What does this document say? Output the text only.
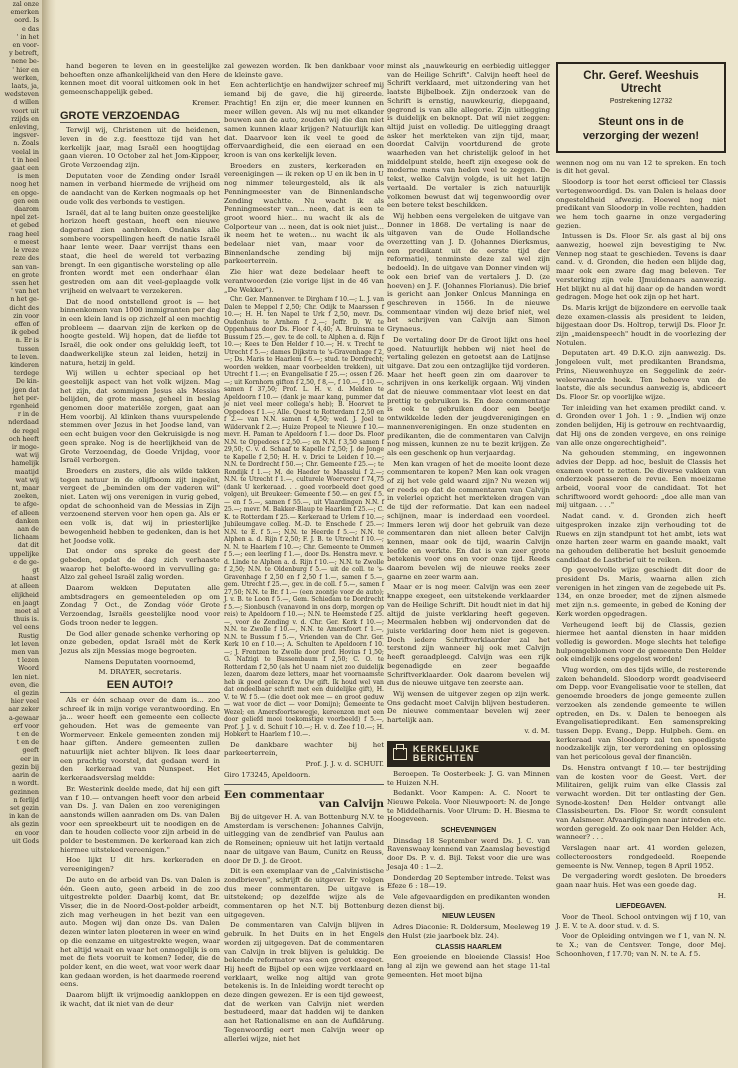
zal onze

emerken

oord. Is

e das

' in het

en voor-

y betreft,

nene be-

' hier en

werken,

laats, ja,

wedsteven

d willen

voort uit

rzijds en

enleving,

ingsver-

n. Zoals

veelal in

t in heel

gaat een

is men

noog het

en opge-

gen een

daarom

npel zet-

et gebed

raag heel

e meest

le vreze

reze des

san van-

en grote

ssen het

' van het

n het ge-

dicht des

zin voor

effen of

ik gebed

n. Er is

tussen

te leven.

kinderen

terdege

De kin-

jgen dat

het per-

rgenheid

r in de

nderdaad

de regel

och heeft

ir moge-

wat wij

hamelijk

maatijd

wat wij

nt, maar

zoeken,

te afge-

ef alleen

danken

aan de

lichaam

dat dit

uppelijke

e de ge-

gt

haast

at alleen

elijkheid

en jaagt

moet al

thuis is.

vel eens

Rustig

let leven

men van

t lezen

Woord

len niet.

even, die

el gezin

hier veel

aar zeker

a-gewaar

erf voor

t en de

t en de

geeft

eer in

gezin bij

aarin de

n wordt.

gezinnen

n ferlijd

set gezin

in kan de

als gezin

en voor

uit Gods

hand begeren te leven en in geestelijke behoeften onze afhankelijkheid van den Here kennen moet dit vooral uitkomen ook in het gemeenschappelijk gebed.

Kremer.

GROTE VERZOENDAG

Terwijl wij, Christenen uit de heidenen, leven in de z.g. feesttoze tijd van het kerkelijk jaar, mag Israël een hoogtijdag gaan vieren. 10 October zal het Jom-Kippoer, Grote Verzoendag zijn.

Deputaten voor de Zending onder Israël namen in verband hiermede de vrijheid om de aandacht van de Kerken nogmaals op het oude volk des verbonds te vestigen.

Israël, dat al te lang buiten onze geestelijke horizon heeft gestaan, heeft een nieuwe dageraad zien aanbreken. Ondanks alle sombere voorspellingen heeft de natie Israël haar lente weer. Daar verrijst thans een staat, die heel de wereld tot verbazing brengt. In een gigantische worsteling op alle fronten wordt met een onderhaar élan gestreden om aan dit veel-geplaagde volk vrijheid en welvaart te verzekeren.

Dat de nood ontstellend groot is — het binnenkomen van 1000 immigranten per dag in een klein land is op zichzelf al een machtig probleem — daarvan zijn de kerken op de hoogte gesteld. Wij hopen, dat de liefde tot Israël, die ook onder ons gelukkig leeft, tot daadwerkelijke steun zal leiden, hetzij in natura, hetzij in geld.

Wij willen u echter speciaal op het geestelijk aspect van het volk wijzen. Mag het zijn, dat sommigen Jesus als Messias belijden, de grote massa, geheel in beslag genomen door materiële zorgen, gaat aan Hem voorbij. Al klinken thans vuurspelende stemmen over Jezus in het Joodse land, van een echt buigen voor den Gekruisigde is nog geen sprake. Nog is de heerlijkheid van de Grote Verzoendag, de Goede Vrijdag, voor Israël verborgen.

Broeders en zusters, die als wilde takken tegen natuur in de olijfboom zijt ingeënt, vergeet de „beminden om der vaderen wil" niet. Laten wij ons verenigen in vurig gebed, opdat de schoonheid van de Messias in Zijn verzoenend sterven voor hen open ga. Als er een volk is, dat wij in priesterlijke bewogenheid hebben te gedenken, dan is het het Joodse volk.

Dat onder ons spreke de geest der gebeden, opdat de dag zich verhaaste waarop het belofte-woord in vervulling ga: Alzo zal geheel Israël zalig worden.

Daarom wekken Deputaten alle ambtsdragers en gemeenteleden op om Zondag 7 Oct., de Zondag vóór Grote Verzoendag, Israëls geestelijke nood voor Gods troon neder te leggen.

De God aller genade schenke verhoring op onze gebeden, opdat Israël mèt de Kerk Jezus als zijn Messias moge begroeten.

Namens Deputaten voornoemd,

M. DRAYER, secretaris.

EEN AUTO!?

Als er één schaap over de dam is... zoo schreef ik in mijn vorige verantwoording. En ja... weer heeft een gemeente een collecte gehouden. Het was de gemeente van Wormerveer. Enkele gemeenten zonden mij haar giften. Andere gemeenten zullen natuurlijk niet achter blijven. Ik lees daar een prachtig voorstel, dat gedaan werd in den kerkeraad van Nunspeet. Het kerkeraadsverslag meldde:

Br. Westerink deelde mede, dat hij een gift van f 10.— ontvangen heeft voor den arbeid van Ds. J. van Dalen en zoo verenigingen aanstonds willen aanraden om Ds. van Dalen voor een spreekbeurt uit te noodigen en de dan te houden collecte voor zijn arbeid in de polder te bestemmen. De kerkeraad kan zich hiermee uitsteked vereenigen."

Hoe lijkt U dit hrs. kerkeraden en vereenigingen?

De auto en de arbeid van Ds. van Dalen is één. Geen auto, geen arbeid in de zoo uitgestrekte polder. Daarbij komt, dat Br. Visser, die in de Noord-Oost-polder arbeidt, zich mag verheugen in het bezit van een auto. Mogen wij dan onze Ds. van Dalen dezen winter laten ploeteren in weer en wind op die eenzame en uitgestrekte wegen, waar het altijd waait en waar het onmogelijk is om met de fiets vooruit te komen? Ieder, die de polder kent, en die weet, wat voor werk daar kan gedaan worden, is het daarmede roerend eens.

Daarom blijft ik vrijmoedig aankloppen en ik wacht, dat ik niet van de deur

zal gewezen worden. Ik ben dankbaar voor de kleinste gave.

Een achterlichtje en handwijzer schreef mij iemand bij de gave, die hij gireerde. Prachtig! En zijn er, die meer kunnen en meer willen geven. Als wij nu met elkander bouwen aan de auto, zouden wij die dan niet samen kunnen klaar krijgen? Natuurlijk kan dat. Daarvoor ken ik veel te goed de offervaardigheid, die een eieraad en een kroon is van ons kerkelijk leven.

Broeders en zusters, kerkeraden en vereenigingen — ik reken op U en ik ben in U nog nimmer teleurgesteld, als ik als Penningmeester van de Binnenlandsche Zending wachtte. Nu wacht ik als Penningmeester van... neen, dat is een te groot woord hier... nu wacht ik als de Colporteur van ... neen, dat is ook niet juist... ik neem het te weten... nu wacht ik als bedelaar niet van, maar voor de Binnenlandsche zending bij mijn parkeerterrein.

Zie hier wat deze bedelaar heeft te verantwoorden (zie vorige lijst in de 46 van „De Wekker").

Chr. Ger. Mannenver. te Dirgham f 10.—; L. J. van Dalen te Meppel f 2,50; Chr. Odijk te Maarssen f 10.—; H. H. ten Napel te Urk f 2,50, mevr. Ds. Oudenhuis te Arnhem f 2,—; Jeffr. D. W. te Oppenhaus door Ds. Floor f 4,40; A. Bruinsma te Bussum f 25.—, gev. te de coll. te Alphen a. d. Rijn f 10.—; Kees te Den Helder f 10.—; H. v. Trecht te Utrecht f 5.—; dames Dijkstra te 's-Gravenhage f 2,—; Ds. Maris te Haarlem f 6.—; stud. te Dordrecht; woorden wekken, maar voorbeelden trekken), uit Utrecht f 1.—; en Evangelisatie f 25.—; ossen f 26.—; uit Kornhorn gifton f 2,50, f 8,—, f 10.—, f 10.—, samen f 37,50; Prof. L. H. v. d. Melden te Apeldoorn f 10.— (dank je maar kang, pummer dat je niet veel meer collega's heb); B. Hoorvet te Oppedoes f 1.—; Alle. Quest te Rotterdam f 2,50 en f 2.— van N.N. samen f 4,50; wed. J. Joel te Wildervank f 2.—; Huize Propeel te Nieuwe f 10.— mevr. H. Paman te Apeldoorn f 1.— door Ds. Floor N.N. te Oppedoes f 2,50.—; en N.N. f 3,50 samen f 29,50; C. v. d. Schaaf te Kapelle f 2,50; J. de Jonge te Kapelle f 2,50; H. H. v. Drici te Leiden f 10.—; N.N. te Dordrecht f 50.—; Chr. Gemeente f 25.—; te Rondijk f 1.—; M. de Haeder te Maasslui f 2.—; N.N. te Utrecht f 1.—, culturele Woervorer f 74,75 (dank U kerkeraad. . . goed voorbeeld doet goed volgen), uit Breukeer: Gemeente f 50.— en gev. f 5.— en f 5.—, samen f 55.—, uit Vlaardingen N.N. f 25.—; mevr. M. Bakker-Blaup te Haarlem f 25.—; C. K. te Rotterdam f 25.— Kerkeraad te Urlem f 10.—; Jubileumgave colleg. M.-D. te Enschede f 25.—; N.N. te E. f 5.—; N.N. te Heerde f 5.—; N.N. te Alphen a. d. Rijn f 2,50; F. J. B. te Utrecht f 10.—; N. N. te Haarlem f 10.—; Chr. Gemeente te Ommen f 5.—; een leerling f 1.—, door Ds. Henstra mevr. v. d. Linde te Alphen a. d. Rijn f 10.—; N.N. te Zwolle f 2,50; N.N. te Oldenburg f 5.— uit de coll. te 's-Gravenhage f 2,50 en f 2,50 f 1.—, samen f 5.—, gem. Utrecht f 25.—, gev. in de coll. f 5.—, samen f 27,50; N.N. te Br. f 1.— (een zoontje voor de auto); J. v. B. te Loon f 5.—, Gem. Schiedam te Dordrecht f 5.—; Sionbusch (vanavond in ons dorp, morgen op reis) te Apeldoorn f 10.—; N.N. te Heemstede f 25.—, voor de Zending v. d. Chr. Ger. Kerk f 10.—; N.N. te Zwolle f 10.—, N.N. te Amersfoort f 1.—, N.N. te Bussum f 5.—, Vrienden van de Chr. Ger. Kerk 10 en f 10.—; A. Schulten te Apeldoorn f 10.—; J. Frentzen te Zwolle door prof. Hovius f 1,50; G. Nafzigi te Bussembaum f 2,50; C. O. te Rotterdam f 2,50 (als het U naam niet zoo duidelijk lezen, daarom deze letters, maar het voornaamste heb ik goed gelezen f.w. Uw gift. Ik houd wel van dat ondeelbaar schrift met een duidelijke gift), H. V. te W. f 5.— (die doet ook mee — en groot geduw — wat voor de dict — voor Domijn); Gemeente te Wezel; en Amersfoortsewegje, kereenzon met een door geliefd mooi toekomstige voorbeeld) f 5.—, Prof. J. J. v. d. Schuit f 10.—; H. v. d. Zee f 10.—; H. Hobkert te Haarlem f 10.—.

De dankbare wachter bij het parkeerterrein,

Prof. J. J. v. d. SCHUIT.

Giro 173245, Apeldoorn.

Een commentaar
van Calvijn

Bij de uitgever H. A. van Bottenburg N.V. te Amsterdam is verschenen: Johannes Calvijn, uitlegging van de zendbrief van Paulus aan de Romeinen; opnieuw uit het latijn vertaald naar de uitgave van Baum, Cunitz en Reuss, door Dr D. J. de Groot.

Dit is een exemplaar van de „Calvinistische zondbrieven", schrijft de uitgever. Er volgen dus meer commentaren. De uitgave is uitstekend; op dezelfde wijze als de commentaren op het N.T. bij Bottenburg uitgegeven.

De commentaren van Calvijn blijven in gebruik. In het Duits en in het Engels worden zij uitgegeven. Dat de commentaren van Calvijn in trek blijven is gelukkig. De bekende reformator was een groot exegeet. Hij heeft de Bijbel op een wijze verklaard en verklaart, welke nog altijd van grote betekenis is. In de Inleiding wordt terecht op deze dingen gewezen. Er is een tijd geweest, dat de werken van Calvijn niet werden bestudeerd, maar dat hadden wij te danken aan het Rationalisme en aan de Aufklärung. Tegenwoordig eert men Calvijn weer op allerlei wijze, niet het

minst als „nauwkeurig en eerbiedig uitlegger van de Heilige Schrift". Calvijn heeft heel de Schrift verklaard, met uitzondering van het laatste Bijbelboek. Zijn onderzoek van de Schrift is ernstig, nauwkeurig, diepgaand, gegrond is van alle allegorie. Zijn uitlegging is duidelijk en beknopt. Dat wil niet zeggen: altijd juist en volledig. De uitlegging draagt asker het merkteken van zijn tijd, maar, doordat Calvijn voortdurend de grote waarheden van het christelijk geloof in het middelpunt stelde, heeft zijn exegese ook de moderne mens van heden veel te zeggen. De tekst, welke Calvijn volgde, is uit het latijn vertaald. De vertaler is zich natuurlijk volkomen bewust dat wij tegenwoordig over een betere tekst beschikken.

Wij hebben eens vergeleken de uitgave van Donner in 1868. De vertaling is naar de uitgaven van de Oude Hollandsche overzetting van J. D. (Johannes Dierksmus, een predikant uit de eerste tijd der reformatie), tenminste deze zal wel zijn bedoeld). In de uitgave van Donner vinden wij ook een brief van de vertalers J. D. (ze hoeven) en J. F. (Johannes Florianus). Die brief is gericht aan Jonker Onlcus Manninga en geschreven in 1566. In de nieuwe commentaar vinden wij deze brief niet, wel het schrijven van Calvijn aan Simon Grynaeus.

De vertaling door Dr de Groot lijkt ons heel goed. Natuurlijk hebben wij niet heel de vertaling gelezen en getoetst aan de Latijnse uitgave. Dat zou een ontzaglijke tijd vorderen. Maar het heeft geen zin om daarover te schrijven in ons kerkelijk orgaan. Wij vinden dat de nieuwe commentaar vlot leest en dat prettig te gebruiken is. En deze commentaar is ook te gebruiken door een beetje ontwikkelde leden der jeugdverenigingen en mannenverenigingen. En onze studenten en predikanten, die de commentaren van Calvijn nog missen, kunnen ze nu te bezit krijgen. Ze als een geschenk op hun verjaardag.

Men kan vragen of het de moeite loont deze commentaren te kopen? Men kan ook vragen of zij het vele geld waard zijn? Nu wezen wij er reeds op dat de commentaren van Calvijn in velerlei opzicht het merkteken dragen van de tijd der reformatie. Dat kan een nadeel schijnen, maar is inderdaad een voordeel. Immers leren wij door het gebruik van deze commentaren dan niet alleen beter Calvijn kennen, maar ook de tijd, waarin Calvijn leefde en werkte. En dat is van zeer grote betekenis voor ons en voor onze tijd. Reeds daarom bevelen wij de nieuwe reeks zeer gaarne en zeer warm aan.

Maar er is nog meer. Calvijn was een zeer knappe exegeet, een uitstekende verklaarder van de Heilige Schrift. Dit houdt niet in dat hij altijd de juiste verklaring heeft gegeven. Meermalen hebben wij ondervonden dat de juiste verklaring door hem niet is gegeven. Doch iedere Schriftverklaarder zal het terstond zijn wanneer hij ook met Calvijn heeft geraadpleegd. Calvijn was een rijk begenadigde en zeer begaafde Schriftverklaarder. Ook daarom bevelen wij dus de nieuwe uitgave ten zeerste aan.

Wij wensen de uitgever zegen op zijn werk. Ons gedacht moet Calvijn blijven bestuderen. De nieuwe commentaar bevelen wij zeer hartelijk aan.

v. d. M.

KERKELIJKE BERICHTEN

Beroepen. Te Oosterbeek: J. G. van Minnen te Huizen N.H.

Bedankt. Voor Kampen: A. C. Noort te Nieuwe Pekela. Voor Nieuwpoort: N. de Jonge te Middelharnis. Voor Ulrum: D. H. Biesma te Hoogeveen.

SCHEVENINGEN

Dinsdag 18 September werd Ds. J. C. van Ravenswaay kennend van Zaamslag bevestigd door Ds. P. v. d. Bijl. Tekst voor die ure was Jesaja 40 : 1—2.

Donderdag 20 September intrede. Tekst was Efeze 6 : 18—19.

Vele afgevaardigden en predikanten wonden dezen dienst bij.

NIEUW LEUSEN

Adres Diaconie: R. Doldersum, Meeleweg 19 den Hulst (zie jaarboek blz. 24).

CLASSIS HAARLEM

Een groeiende en bloeiende Classis! Hoe lang al zijn we gewend aan het stage 11-tal gemeenten. Het moet bijna

Chr. Geref. Weeshuis
Utrecht
Postrekening 12732
Steunt ons in de
verzorging der wezen!

wennen nog om nu van 12 te spreken. En toch is dit het geval.

Sloodorp is toor het eerst officieel ter Classis vertegenwoordigd. Ds. van Dalen is helaas door ongesteldheid afwezig. Hoewel nog niet predikant van Sloodorp in volle rechten, hadden we hem toch gaarne in onze vergadering gezien.

Intussen is Ds. Floor Sr. als gast al bij ons aanwezig, hoewel zijn bevestiging te Nw. Vennep nog staat te geschieden. Tevens is daar cand. v. d. Gronden, die heden een blijde dag, maar ook een zware dag mag beleven. Ter versterking zijn vele IJmuidenaars aanwezig. Het blijkt nu al dat hij daar op de handen wordt gedragen. Moge het ook zijn op het hart.

Ds. Maris krijgt de bijzondere en eervolle taak deze examen-classis als president te leiden, bijgestaan door Ds. Holtrop, terwijl Ds. Floor Jr. zijn „maidenspeech" houdt in de voorlezing der Notulen.

Deputaten art. 49 D.K.O. zijn aanwezig. Ds. Jongeleen vult, met predikanten Brandsma, Prins, Nieuwenhuyze en Seggelink de zeér-weleerwaarde hoek. Ten behoeve van de laatste, die als secundus aanwezig is, abdiceert Ds. Floor Sr. op voorlijke wijze.

Ter inleiding van het examen predikt cand. v. d. Gronden over 1 Joh. 1 : 9. „Indien wij onze zonden belijden, Hij is getrouw en rechtvaardig, dat Hij ons de zonden vergeve, en ons reinige van alle onze ongerechtigheid".

Na gehouden stemming, en ingewonnen advies der Depp. ad hoc, besluit de Classis het examen voort te zetten. De diverse vakken van onderzoek passeren de revue. Een moeizame arbeid, vooral voor de candidaat. Tot het schriftwoord wordt gehoord: „doe alle man van mij uitgaan. . . ."

Nadat cand. v. d. Gronden zich heeft uitgesproken inzake zijn verhouding tot de Ruews en zijn standpunt tot het ambt, iets wat onze harten zeer warm en gaande maakt, valt na gehouden deliberatie het besluit genoemde candidaat de Lastbrief uit te reiken.

Op gevoelvolle wijze geschiedt dit door de president Ds. Maris, waarna allen zich verenigen in het zingen van de zegebede uit Ps. 134, en onze broeder, met de zijnen alsmede met zijn n.s. gemeente, in gebed de Koning der Kerk worden opgedragen.

Verheugend leeft bij de Classis, gezien hiermee het aantal diensten in haar midden volledig is geworden. Moge slechts het telefige hulpomgeblomen voor de gemeente Den Helder ook eindelijk eens opgelost worden!

Vlug worden, om des tijds wille, de resterende zaken behandeld. Sloodorp wordt geadviseerd om Depp. voor Evangelisatie voor te stellen, dat genoemde broeders de jonge gemeente zullen verzoeken als zendende gemeente te willen optreden, en Ds. v. Dalen te benoegen als Evangelisatiepredikant. Een samenspreking tussen Depp. Evang., Depp. Hulpbeh. Gem. en kerkeraad van Sloodorp zal ten spoedigste noodzakelijk zijn, ter verordening en oplossing van het pericolous geval der financiën.

Ds. Henstra ontvangt f 10.— ter bestrijding van de kosten voor de Geest. Vert. der Militairen, gelijk ruim van elke Classis zal verwacht worden. Dit ter ontlasting der Gen. Synode-kosten! Den Helder ontvangt alle Classisbeurten. Ds. Floor Sr. wordt consulent van Aalsmeer. Afvaardigingen naar intreden etc. worden geregeld. Zo ook naar Den Helder. Ach, wanneer? . . .

Verslagen naar art. 41 worden gelezen, collecteroosters rondgedeeld. Roepende gemeente is Nw. Vennep, tegen 8 April 1952.

De vergadering wordt gesloten. De broeders gaan naar huis. Het was een goede dag.

H.

LIEFDEGAVEN.

Voor de Theol. School ontvingen wij f 10, van J. E. V. te A. door stud. v. d. S.

Voor de Opleiding ontvingen we f 1, van N. N. te X.; van de Centsver. Tonge, door Mej. Schoonhoven, f 17.70; van N. N. te A. f 5.
